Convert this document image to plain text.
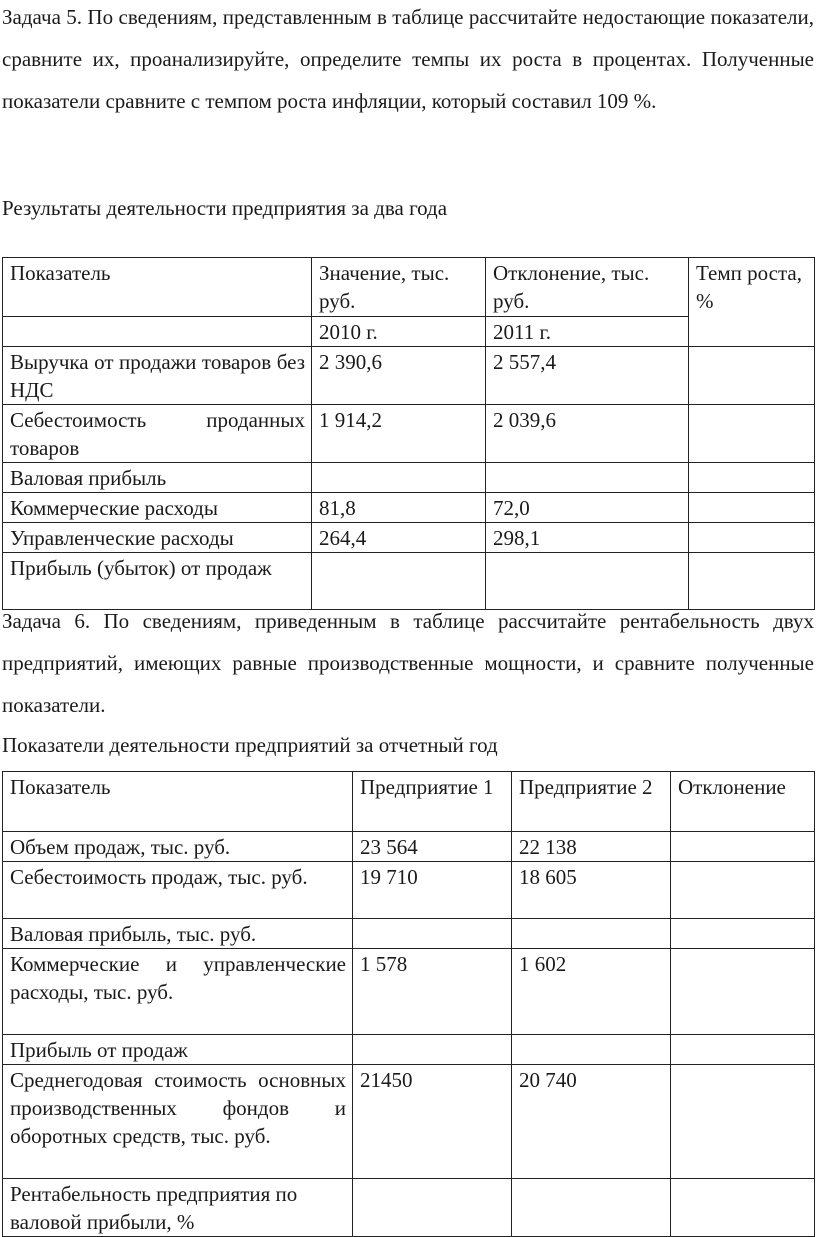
Задача 5. По сведениям, представленным в таблице рассчитайте недостающие показатели, сравните их, проанализируйте, определите темпы их роста в процентах. Полученные показатели сравните с темпом роста инфляции, который составил 109 %.

Результаты деятельности предприятия за два года

Показатель	Значение, тыс. руб.	Отклонение, тыс. руб.	Темп роста, %
	2010 г.	2011 г.	
Выручка от продажи товаров без НДС	2 390,6	2 557,4	
Себестоимость проданных товаров	1 914,2	2 039,6	
Валовая прибыль			
Коммерческие расходы	81,8	72,0	
Управленческие расходы	264,4	298,1	
Прибыль (убыток) от продаж			

Задача 6. По сведениям, приведенным в таблице рассчитайте рентабельность двух предприятий, имеющих равные производственные мощности, и сравните полученные показатели.

Показатели деятельности предприятий за отчетный год

Показатель	Предприятие 1	Предприятие 2	Отклонение
Объем продаж, тыс. руб.	23 564	22 138	
Себестоимость продаж, тыс. руб.	19 710	18 605	
Валовая прибыль, тыс. руб.			
Коммерческие и управленческие расходы, тыс. руб.	1 578	1 602	
Прибыль от продаж			
Среднегодовая стоимость основных производственных фондов и оборотных средств, тыс. руб.	21450	20 740	
Рентабельность предприятия по валовой прибыли, %			
